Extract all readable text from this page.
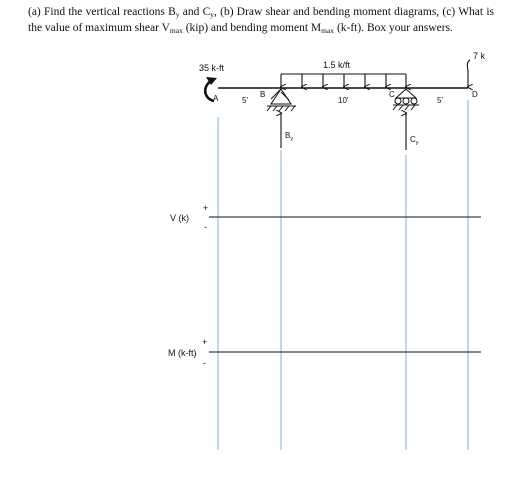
(a) Find the vertical reactions $B_y$ and $C_y$, (b) Draw shear and bending moment diagrams, (c) What is the value of maximum shear $V_{max}$ (kip) and bending moment $M_{max}$ (k-ft). Box your answers.
1.5 k/ft
7 k
35 k-ft
A	B	C	D
5'	10'	5'
$B_y$	$C_y$
V (k)
+
-
M (k-ft)
+
-
